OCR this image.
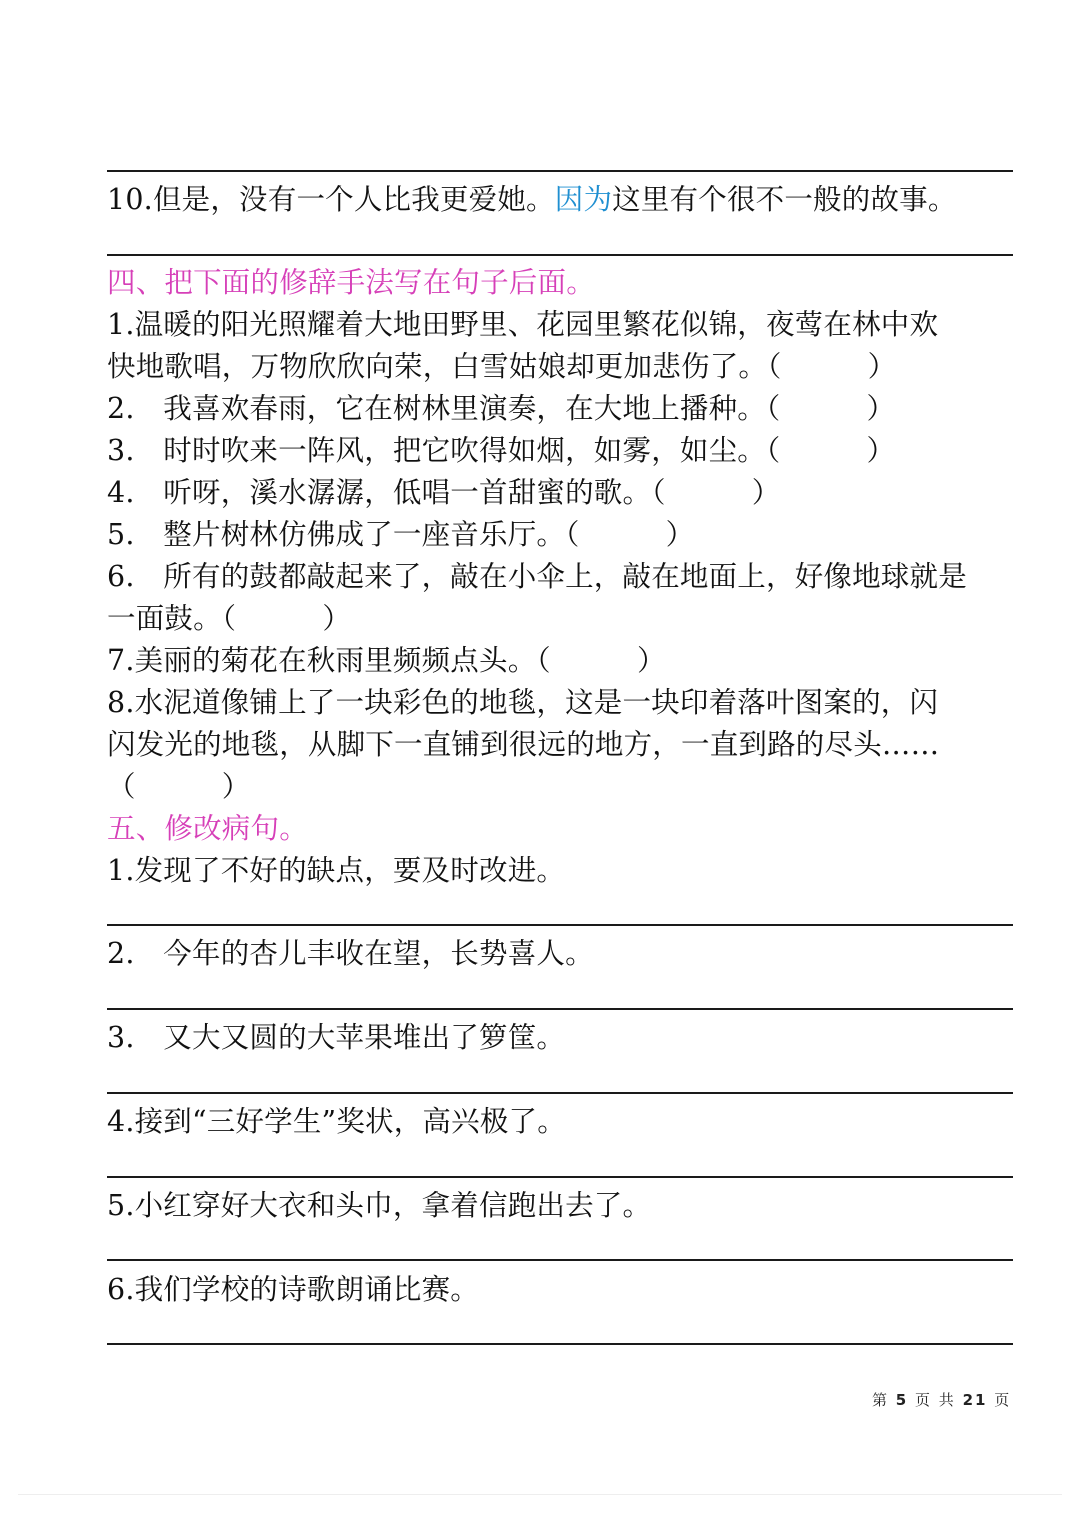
10.但是，没有一个人比我更爱她。因为这里有个很不一般的故事。
四、把下面的修辞手法写在句子后面。
1.温暖的阳光照耀着大地田野里、花园里繁花似锦，夜莺在林中欢
快地歌唱，万物欣欣向荣，白雪姑娘却更加悲伤了。（　　　）
2.　我喜欢春雨，它在树林里演奏，在大地上播种。（　　　）
3.　时时吹来一阵风，把它吹得如烟，如雾，如尘。（　　　）
4.　听呀，溪水潺潺，低唱一首甜蜜的歌。（　　　）
5.　整片树林仿佛成了一座音乐厅。（　　　）
6.　所有的鼓都敲起来了，敲在小伞上，敲在地面上，好像地球就是
一面鼓。（　　　）
7.美丽的菊花在秋雨里频频点头。（　　　）
8.水泥道像铺上了一块彩色的地毯，这是一块印着落叶图案的，闪
闪发光的地毯，从脚下一直铺到很远的地方，一直到路的尽头……
（　　　）
五、修改病句。
1.发现了不好的缺点，要及时改进。
2.　今年的杏儿丰收在望，长势喜人。
3.　又大又圆的大苹果堆出了箩筐。
4.接到“三好学生”奖状，高兴极了。
5.小红穿好大衣和头巾，拿着信跑出去了。
6.我们学校的诗歌朗诵比赛。
第 5 页 共 21 页
